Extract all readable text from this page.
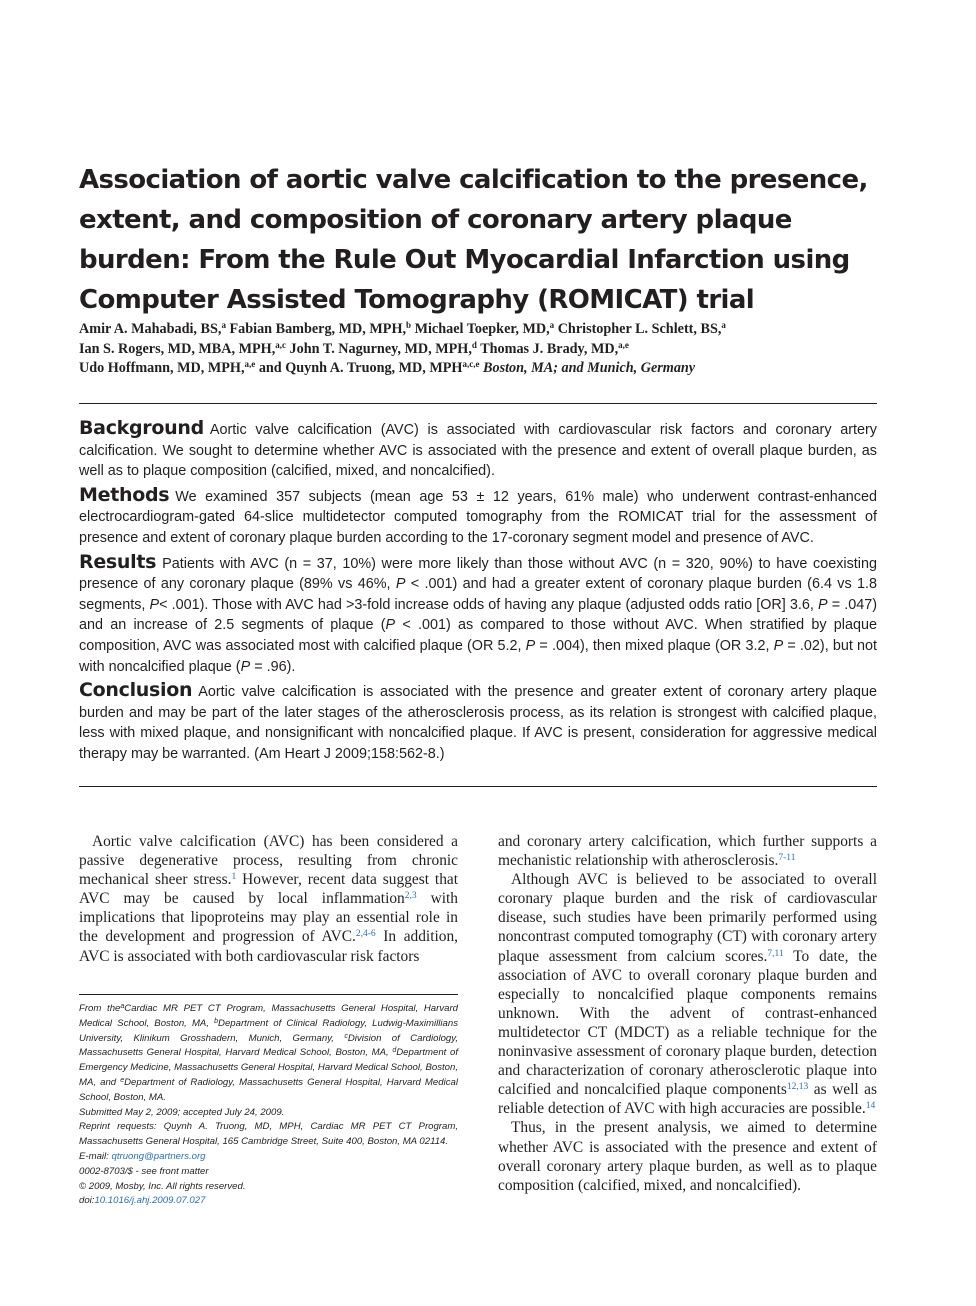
Association of aortic valve calcification to the presence, extent, and composition of coronary artery plaque burden: From the Rule Out Myocardial Infarction using Computer Assisted Tomography (ROMICAT) trial
Amir A. Mahabadi, BS,$^a$ Fabian Bamberg, MD, MPH,$^b$ Michael Toepker, MD,$^a$ Christopher L. Schlett, BS,$^a$
Ian S. Rogers, MD, MBA, MPH,$^{a,c}$ John T. Nagurney, MD, MPH,$^d$ Thomas J. Brady, MD,$^{a,e}$
Udo Hoffmann, MD, MPH,$^{a,e}$ and Quynh A. Truong, MD, MPH$^{a,c,e}$ Boston, MA; and Munich, Germany

Background Aortic valve calcification (AVC) is associated with cardiovascular risk factors and coronary artery calcification. We sought to determine whether AVC is associated with the presence and extent of overall plaque burden, as well as to plaque composition (calcified, mixed, and noncalcified).

Methods We examined 357 subjects (mean age 53 ± 12 years, 61% male) who underwent contrast-enhanced electrocardiogram-gated 64-slice multidetector computed tomography from the ROMICAT trial for the assessment of presence and extent of coronary plaque burden according to the 17-coronary segment model and presence of AVC.

Results Patients with AVC (n = 37, 10%) were more likely than those without AVC (n = 320, 90%) to have coexisting presence of any coronary plaque (89% vs 46%, P < .001) and had a greater extent of coronary plaque burden (6.4 vs 1.8 segments, P< .001). Those with AVC had >3-fold increase odds of having any plaque (adjusted odds ratio [OR] 3.6, P = .047) and an increase of 2.5 segments of plaque (P < .001) as compared to those without AVC. When stratified by plaque composition, AVC was associated most with calcified plaque (OR 5.2, P = .004), then mixed plaque (OR 3.2, P = .02), but not with noncalcified plaque (P = .96).

Conclusion Aortic valve calcification is associated with the presence and greater extent of coronary artery plaque burden and may be part of the later stages of the atherosclerosis process, as its relation is strongest with calcified plaque, less with mixed plaque, and nonsignificant with noncalcified plaque. If AVC is present, consideration for aggressive medical therapy may be warranted. (Am Heart J 2009;158:562-8.)

Aortic valve calcification (AVC) has been considered a passive degenerative process, resulting from chronic mechanical sheer stress.$^1$ However, recent data suggest that AVC may be caused by local inflammation$^{2,3}$ with implications that lipoproteins may play an essential role in the development and progression of AVC.$^{2,4-6}$ In addition, AVC is associated with both cardiovascular risk factors

From the$^a$Cardiac MR PET CT Program, Massachusetts General Hospital, Harvard Medical School, Boston, MA, $^b$Department of Clinical Radiology, Ludwig-Maximillians University, Klinikum Grosshadern, Munich, Germany, $^c$Division of Cardiology, Massachusetts General Hospital, Harvard Medical School, Boston, MA, $^d$Department of Emergency Medicine, Massachusetts General Hospital, Harvard Medical School, Boston, MA, and $^e$Department of Radiology, Massachusetts General Hospital, Harvard Medical School, Boston, MA.

Submitted May 2, 2009; accepted July 24, 2009.

Reprint requests: Quynh A. Truong, MD, MPH, Cardiac MR PET CT Program, Massachusetts General Hospital, 165 Cambridge Street, Suite 400, Boston, MA 02114.

E-mail: qtruong@partners.org

0002-8703/$ - see front matter

© 2009, Mosby, Inc. All rights reserved.

doi:10.1016/j.ahj.2009.07.027

and coronary artery calcification, which further supports a mechanistic relationship with atherosclerosis.$^{7-11}$

Although AVC is believed to be associated to overall coronary plaque burden and the risk of cardiovascular disease, such studies have been primarily performed using noncontrast computed tomography (CT) with coronary artery plaque assessment from calcium scores.$^{7,11}$ To date, the association of AVC to overall coronary plaque burden and especially to noncalcified plaque components remains unknown. With the advent of contrast-enhanced multidetector CT (MDCT) as a reliable technique for the noninvasive assessment of coronary plaque burden, detection and characterization of coronary atherosclerotic plaque into calcified and noncalcified plaque components$^{12,13}$ as well as reliable detection of AVC with high accuracies are possible.$^{14}$

Thus, in the present analysis, we aimed to determine whether AVC is associated with the presence and extent of overall coronary artery plaque burden, as well as to plaque composition (calcified, mixed, and noncalcified).
